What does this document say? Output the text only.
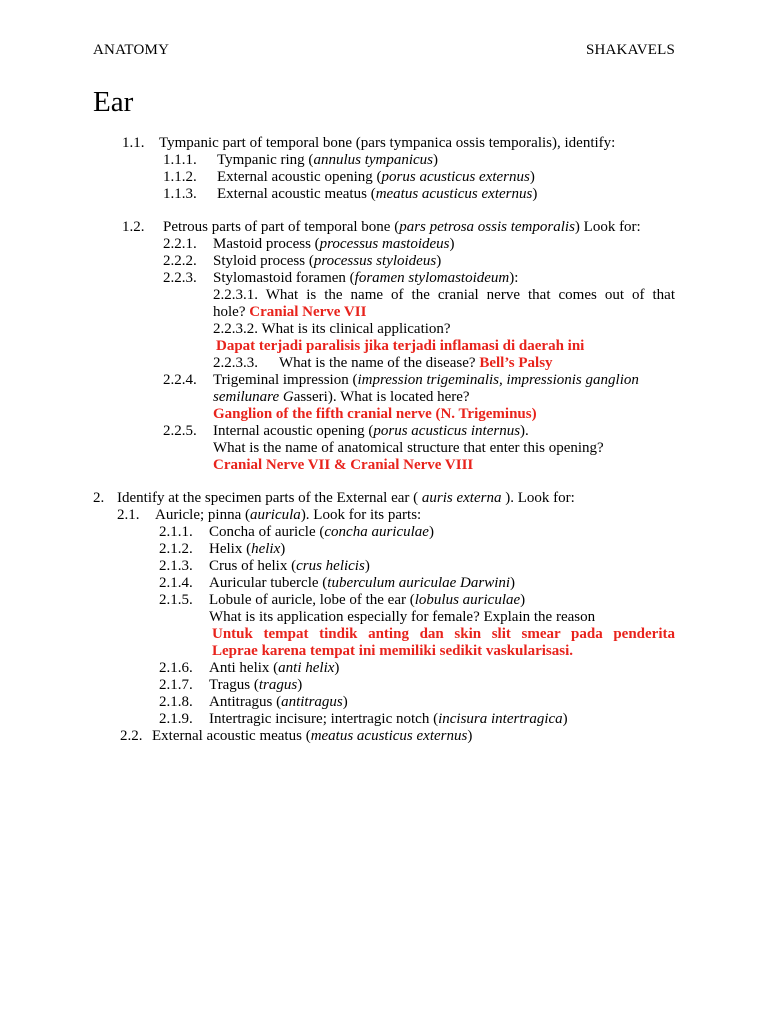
ANATOMY	SHAKAVELS
Ear
1.1. Tympanic part of temporal bone (pars tympanica ossis temporalis), identify:
1.1.1. Tympanic ring (annulus tympanicus)
1.1.2. External acoustic opening (porus acusticus externus)
1.1.3. External acoustic meatus (meatus acusticus externus)
1.2. Petrous parts of part of temporal bone (pars petrosa ossis temporalis) Look for:
2.2.1. Mastoid process (processus mastoideus)
2.2.2. Styloid process (processus styloideus)
2.2.3. Stylomastoid foramen (foramen stylomastoideum):
2.2.3.1. What is the name of the cranial nerve that comes out of that
hole? Cranial Nerve VII
2.2.3.2. What is its clinical application?
Dapat terjadi paralisis jika terjadi inflamasi di daerah ini
2.2.3.3. What is the name of the disease? Bell’s Palsy
2.2.4. Trigeminal impression (impression trigeminalis, impressionis ganglion
semilunare Gasseri). What is located here?
Ganglion of the fifth cranial nerve (N. Trigeminus)
2.2.5. Internal acoustic opening (porus acusticus internus).
What is the name of anatomical structure that enter this opening?
Cranial Nerve VII & Cranial Nerve VIII
2. Identify at the specimen parts of the External ear ( auris externa ). Look for:
2.1. Auricle; pinna (auricula). Look for its parts:
2.1.1. Concha of auricle (concha auriculae)
2.1.2. Helix (helix)
2.1.3. Crus of helix (crus helicis)
2.1.4. Auricular tubercle (tuberculum auriculae Darwini)
2.1.5. Lobule of auricle, lobe of the ear (lobulus auriculae)
What is its application especially for female? Explain the reason
Untuk tempat tindik anting dan skin slit smear pada penderita
Leprae karena tempat ini memiliki sedikit vaskularisasi.
2.1.6. Anti helix (anti helix)
2.1.7. Tragus (tragus)
2.1.8. Antitragus (antitragus)
2.1.9. Intertragic incisure; intertragic notch (incisura intertragica)
2.2. External acoustic meatus (meatus acusticus externus)
